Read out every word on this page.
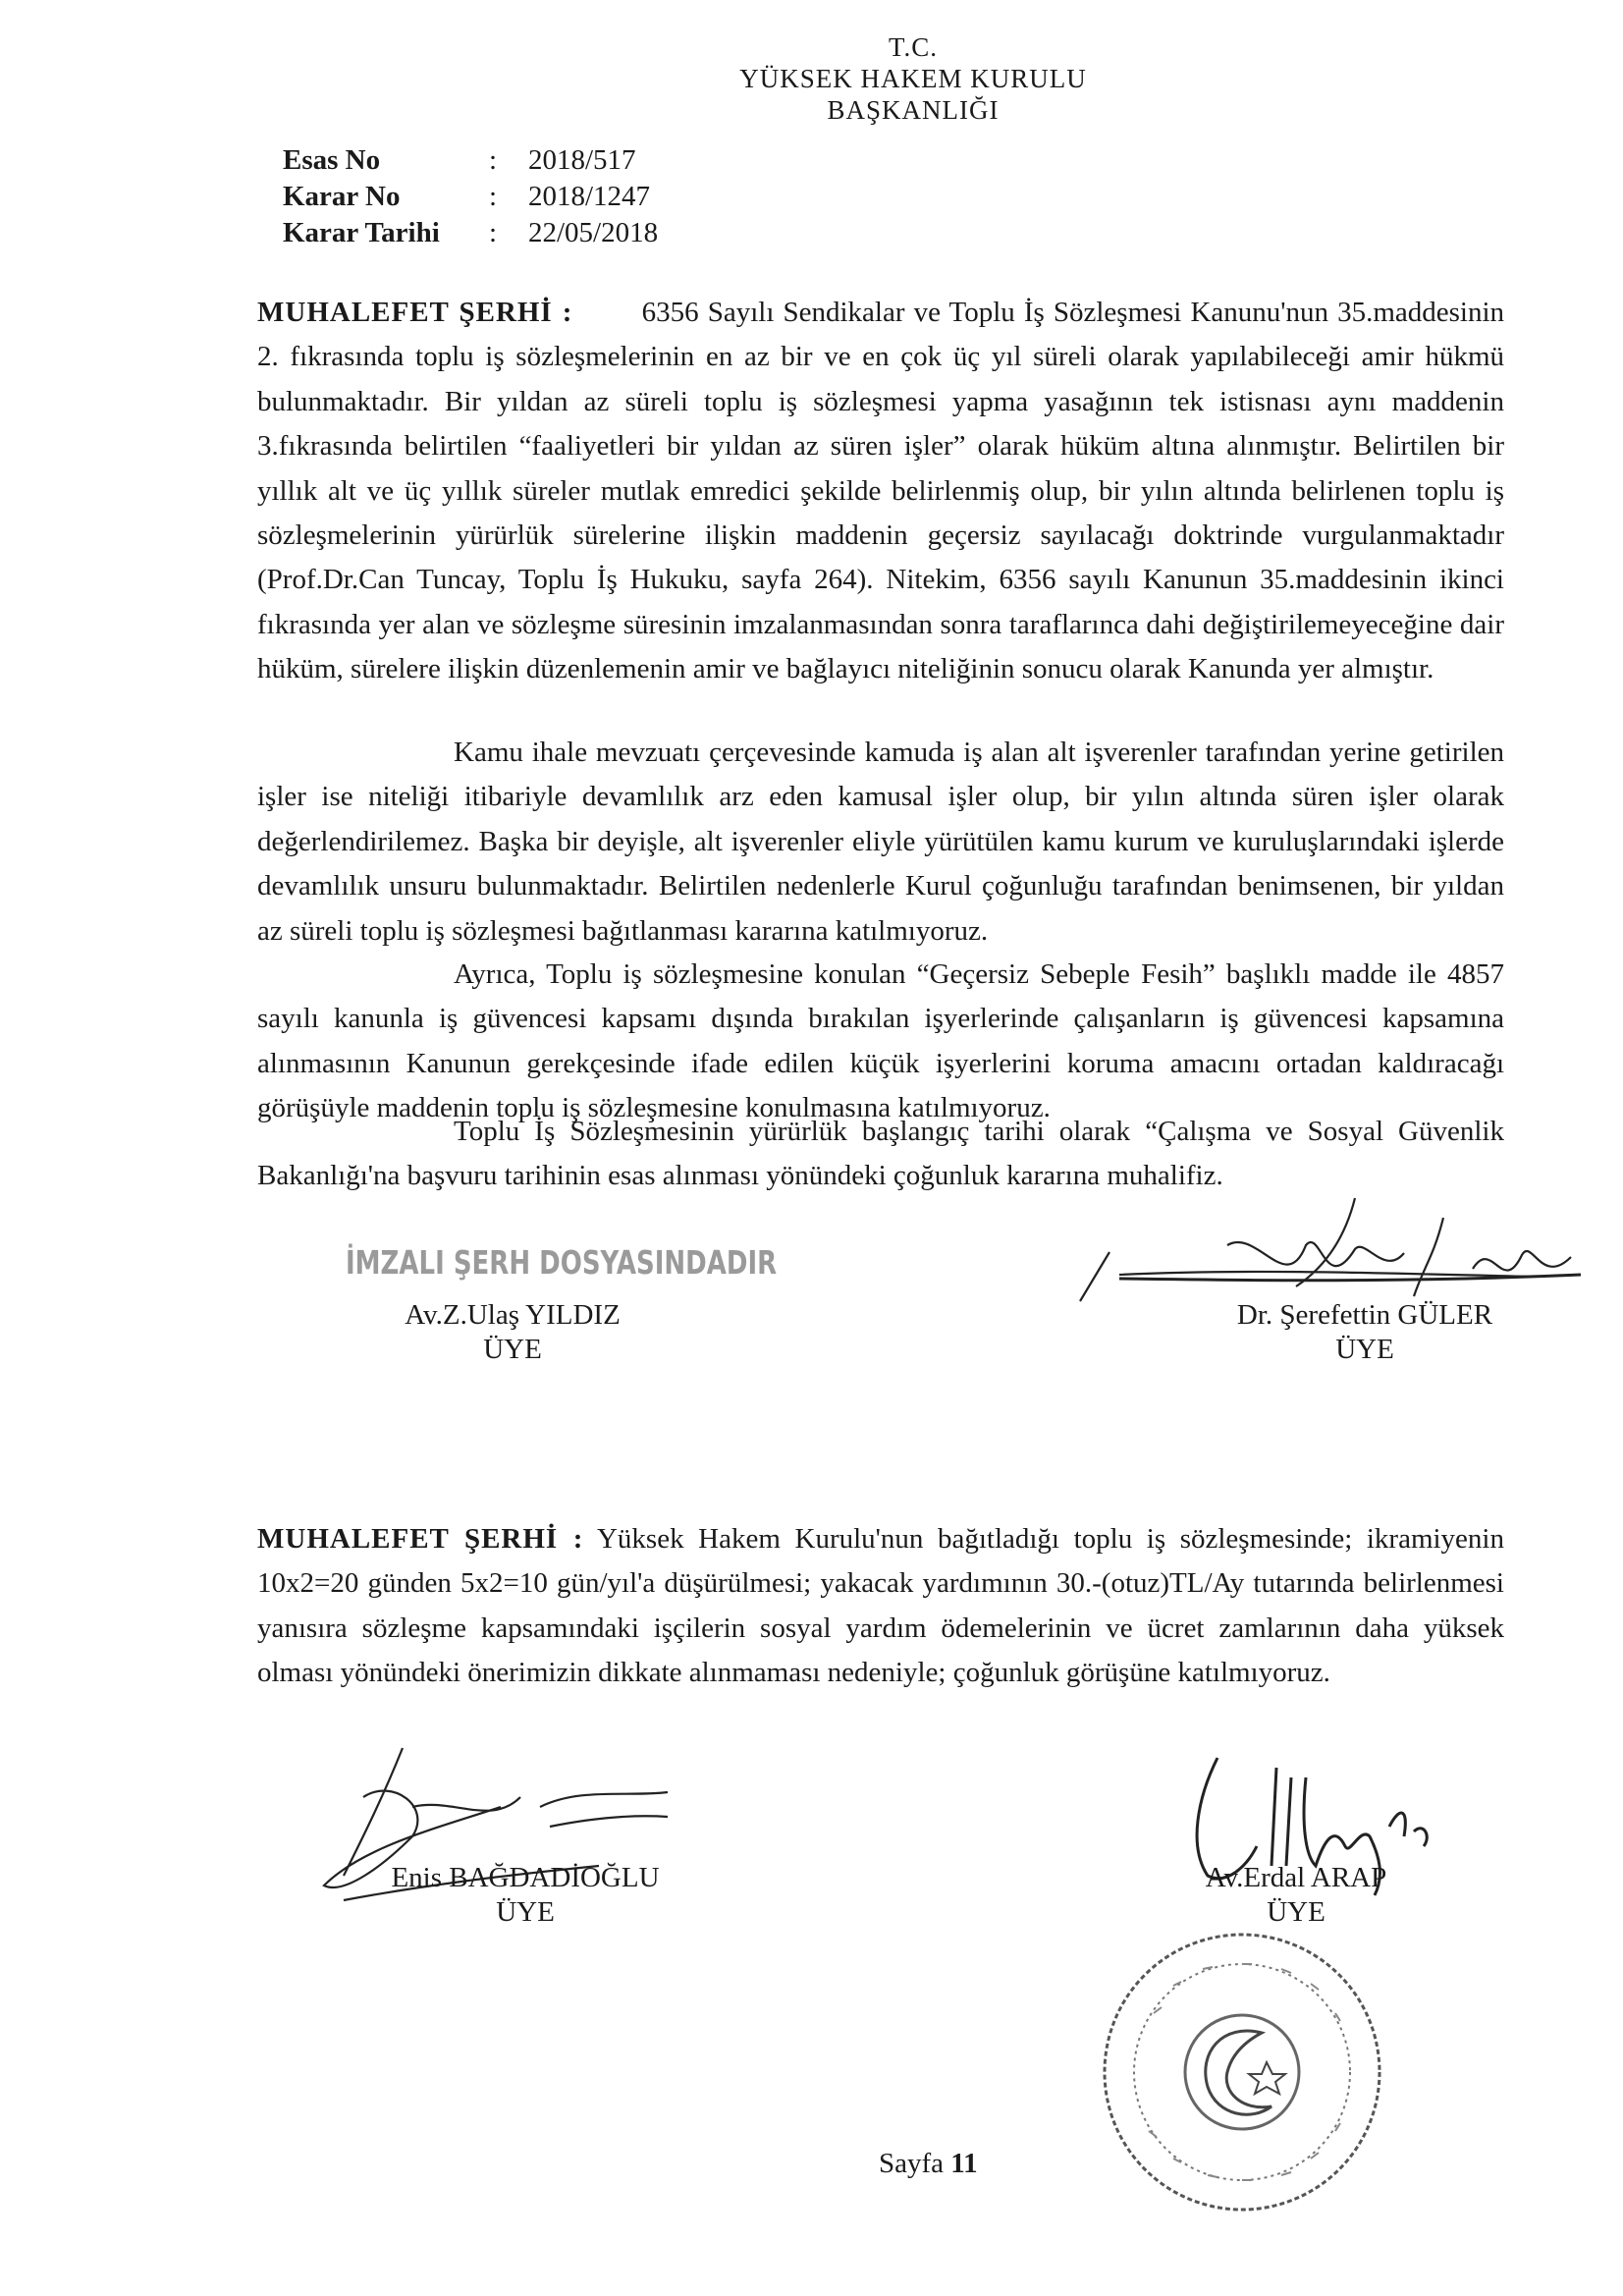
T.C.
YÜKSEK HAKEM KURULU
BAŞKANLIĞI
Esas No	:	2018/517
Karar No	:	2018/1247
Karar Tarihi	:	22/05/2018
MUHALEFET ŞERHİ : 6356 Sayılı Sendikalar ve Toplu İş Sözleşmesi Kanunu'nun 35.maddesinin 2. fıkrasında toplu iş sözleşmelerinin en az bir ve en çok üç yıl süreli olarak yapılabileceği amir hükmü bulunmaktadır. Bir yıldan az süreli toplu iş sözleşmesi yapma yasağının tek istisnası aynı maddenin 3.fıkrasında belirtilen “faaliyetleri bir yıldan az süren işler” olarak hüküm altına alınmıştır. Belirtilen bir yıllık alt ve üç yıllık süreler mutlak emredici şekilde belirlenmiş olup, bir yılın altında belirlenen toplu iş sözleşmelerinin yürürlük sürelerine ilişkin maddenin geçersiz sayılacağı doktrinde vurgulanmaktadır (Prof.Dr.Can Tuncay, Toplu İş Hukuku, sayfa 264). Nitekim, 6356 sayılı Kanunun 35.maddesinin ikinci fıkrasında yer alan ve sözleşme süresinin imzalanmasından sonra taraflarınca dahi değiştirilemeyeceğine dair hüküm, sürelere ilişkin düzenlemenin amir ve bağlayıcı niteliğinin sonucu olarak Kanunda yer almıştır.
Kamu ihale mevzuatı çerçevesinde kamuda iş alan alt işverenler tarafından yerine getirilen işler ise niteliği itibariyle devamlılık arz eden kamusal işler olup, bir yılın altında süren işler olarak değerlendirilemez. Başka bir deyişle, alt işverenler eliyle yürütülen kamu kurum ve kuruluşlarındaki işlerde devamlılık unsuru bulunmaktadır. Belirtilen nedenlerle Kurul çoğunluğu tarafından benimsenen, bir yıldan az süreli toplu iş sözleşmesi bağıtlanması kararına katılmıyoruz.
Ayrıca, Toplu iş sözleşmesine konulan “Geçersiz Sebeple Fesih” başlıklı madde ile 4857 sayılı kanunla iş güvencesi kapsamı dışında bırakılan işyerlerinde çalışanların iş güvencesi kapsamına alınmasının Kanunun gerekçesinde ifade edilen küçük işyerlerini koruma amacını ortadan kaldıracağı görüşüyle maddenin toplu iş sözleşmesine konulmasına katılmıyoruz.
Toplu İş Sözleşmesinin yürürlük başlangıç tarihi olarak “Çalışma ve Sosyal Güvenlik Bakanlığı'na başvuru tarihinin esas alınması yönündeki çoğunluk kararına muhalifiz.
İMZALI ŞERH DOSYASINDADIR
Av.Z.Ulaş YILDIZ
ÜYE
Dr. Şerefettin GÜLER
ÜYE
MUHALEFET ŞERHİ : Yüksek Hakem Kurulu'nun bağıtladığı toplu iş sözleşmesinde; ikramiyenin 10x2=20 günden 5x2=10 gün/yıl'a düşürülmesi; yakacak yardımının 30.-(otuz)TL/Ay tutarında belirlenmesi yanısıra sözleşme kapsamındaki işçilerin sosyal yardım ödemelerinin ve ücret zamlarının daha yüksek olması yönündeki önerimizin dikkate alınmaması nedeniyle; çoğunluk görüşüne katılmıyoruz.
Enis BAĞDADİOĞLU
ÜYE
Av.Erdal ARAP
ÜYE
Sayfa 11
